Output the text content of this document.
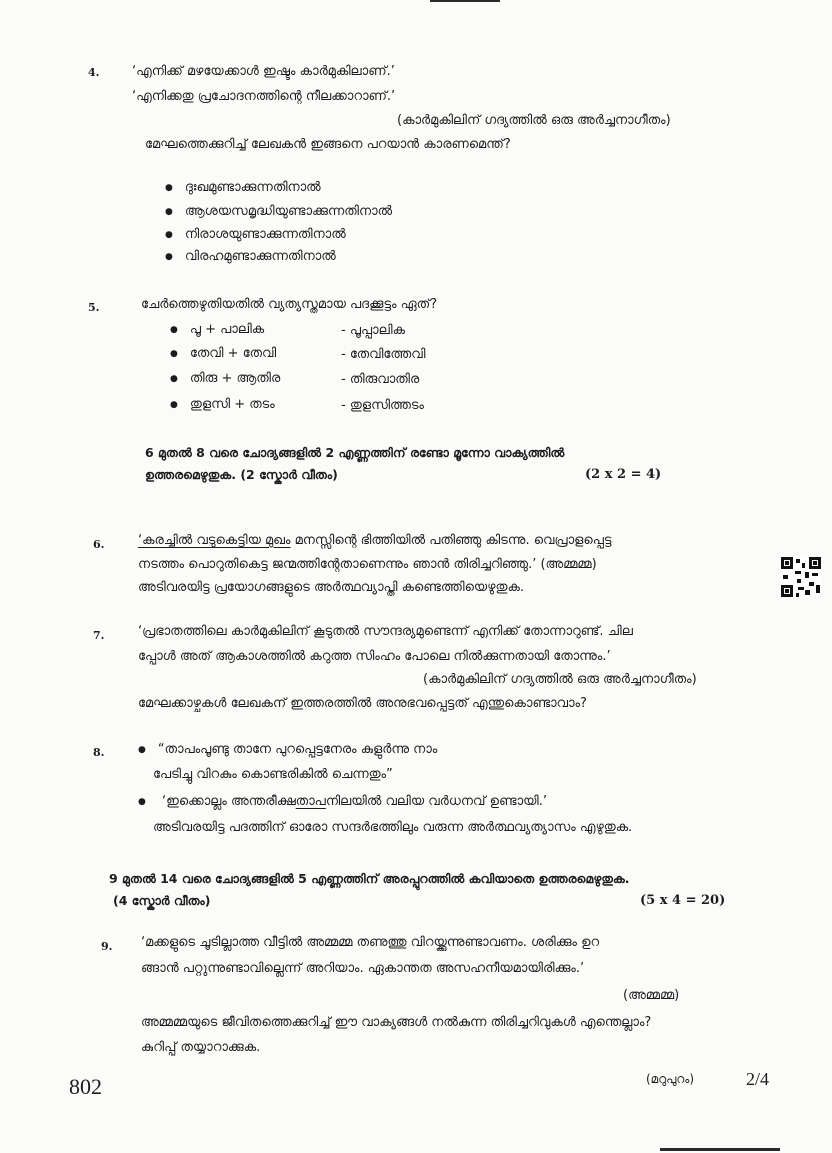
4.	‘എനിക്ക് മഴയേക്കാൾ ഇഷ്ടം കാർമുകിലാണ്.’
‘എനിക്കതു പ്രചോദനത്തിന്റെ നീലക്കാറാണ്.’
(കാർമുകിലിന് ഗദ്യത്തിൽ ഒരു അർച്ചനാഗീതം)
മേഘത്തെക്കുറിച്ച് ലേഖകൻ ഇങ്ങനെ പറയാൻ കാരണമെന്ത്?
● ദുഃഖമുണ്ടാക്കുന്നതിനാൽ
● ആശയസമൃദ്ധിയുണ്ടാക്കുന്നതിനാൽ
● നിരാശയുണ്ടാക്കുന്നതിനാൽ
● വിരഹമുണ്ടാക്കുന്നതിനാൽ
5.	ചേർത്തെഴുതിയതിൽ വ്യത്യസ്തമായ പദക്കൂട്ടം ഏത്?
● പൂ + പാലിക	- പൂപ്പാലിക
● തേവി + തേവി	- തേവിത്തേവി
● തിരു + ആതിര	- തിരുവാതിര
● തുളസി + തടം	- തുളസിത്തടം
6 മുതൽ 8 വരെ ചോദ്യങ്ങളിൽ 2 എണ്ണത്തിന് രണ്ടോ മൂന്നോ വാക്യത്തിൽ
ഉത്തരമെഴുതുക. (2 സ്കോർ വീതം)	(2 x 2 = 4)
6.	‘കരച്ചിൽ വടുകെട്ടിയ മുഖം മനസ്സിന്റെ ഭിത്തിയിൽ പതിഞ്ഞു കിടന്നു. വെപ്രാളപ്പെട്ട
നടത്തം പൊറുതികെട്ട ജന്മത്തിന്റേതാണെന്നും ഞാൻ തിരിച്ചറിഞ്ഞു.’ (അമ്മമ്മ)
അടിവരയിട്ട പ്രയോഗങ്ങളുടെ അർത്ഥവ്യാപ്തി കണ്ടെത്തിയെഴുതുക.
7.	‘പ്രഭാതത്തിലെ കാർമുകിലിന് കൂടുതൽ സൗന്ദര്യമുണ്ടെന്ന് എനിക്ക് തോന്നാറുണ്ട്. ചില
പ്പോൾ അത് ആകാശത്തിൽ കറുത്ത സിംഹം പോലെ നിൽക്കുന്നതായി തോന്നും.’
(കാർമുകിലിന് ഗദ്യത്തിൽ ഒരു അർച്ചനാഗീതം)
മേഘക്കാഴ്ചകൾ ലേഖകന് ഇത്തരത്തിൽ അനുഭവപ്പെട്ടത് എന്തുകൊണ്ടാവാം?
8.
●	“താപംപൂണ്ടു താനേ പുറപ്പെട്ടനേരം കുളുർന്നു നാം
പേടിച്ചു വിറകും കൊണ്ടരികിൽ ചെന്നതും”
● ‘ഇക്കൊല്ലം അന്തരീക്ഷതാപനിലയിൽ വലിയ വർധനവ് ഉണ്ടായി.’
അടിവരയിട്ട പദത്തിന് ഓരോ സന്ദർഭത്തിലും വരുന്ന അർത്ഥവ്യത്യാസം എഴുതുക.
9 മുതൽ 14 വരെ ചോദ്യങ്ങളിൽ 5 എണ്ണത്തിന് അരപ്പുറത്തിൽ കവിയാതെ ഉത്തരമെഴുതുക.
(4 സ്കോർ വീതം)	(5 x 4 = 20)
9. ‘മക്കളുടെ ചൂടില്ലാത്ത വീട്ടിൽ അമ്മമ്മ തണുത്തു വിറയ്ക്കുന്നുണ്ടാവണം. ശരിക്കും ഉറ
ങ്ങാൻ പറ്റുന്നുണ്ടാവില്ലെന്ന് അറിയാം. ഏകാന്തത അസഹനീയമായിരിക്കും.’
(അമ്മമ്മ)
അമ്മമ്മയുടെ ജീവിതത്തെക്കുറിച്ച് ഈ വാക്യങ്ങൾ നൽകുന്ന തിരിച്ചറിവുകൾ എന്തെല്ലാം?
കുറിപ്പ് തയ്യാറാക്കുക.
802	(മറുപുറം)	2/4
